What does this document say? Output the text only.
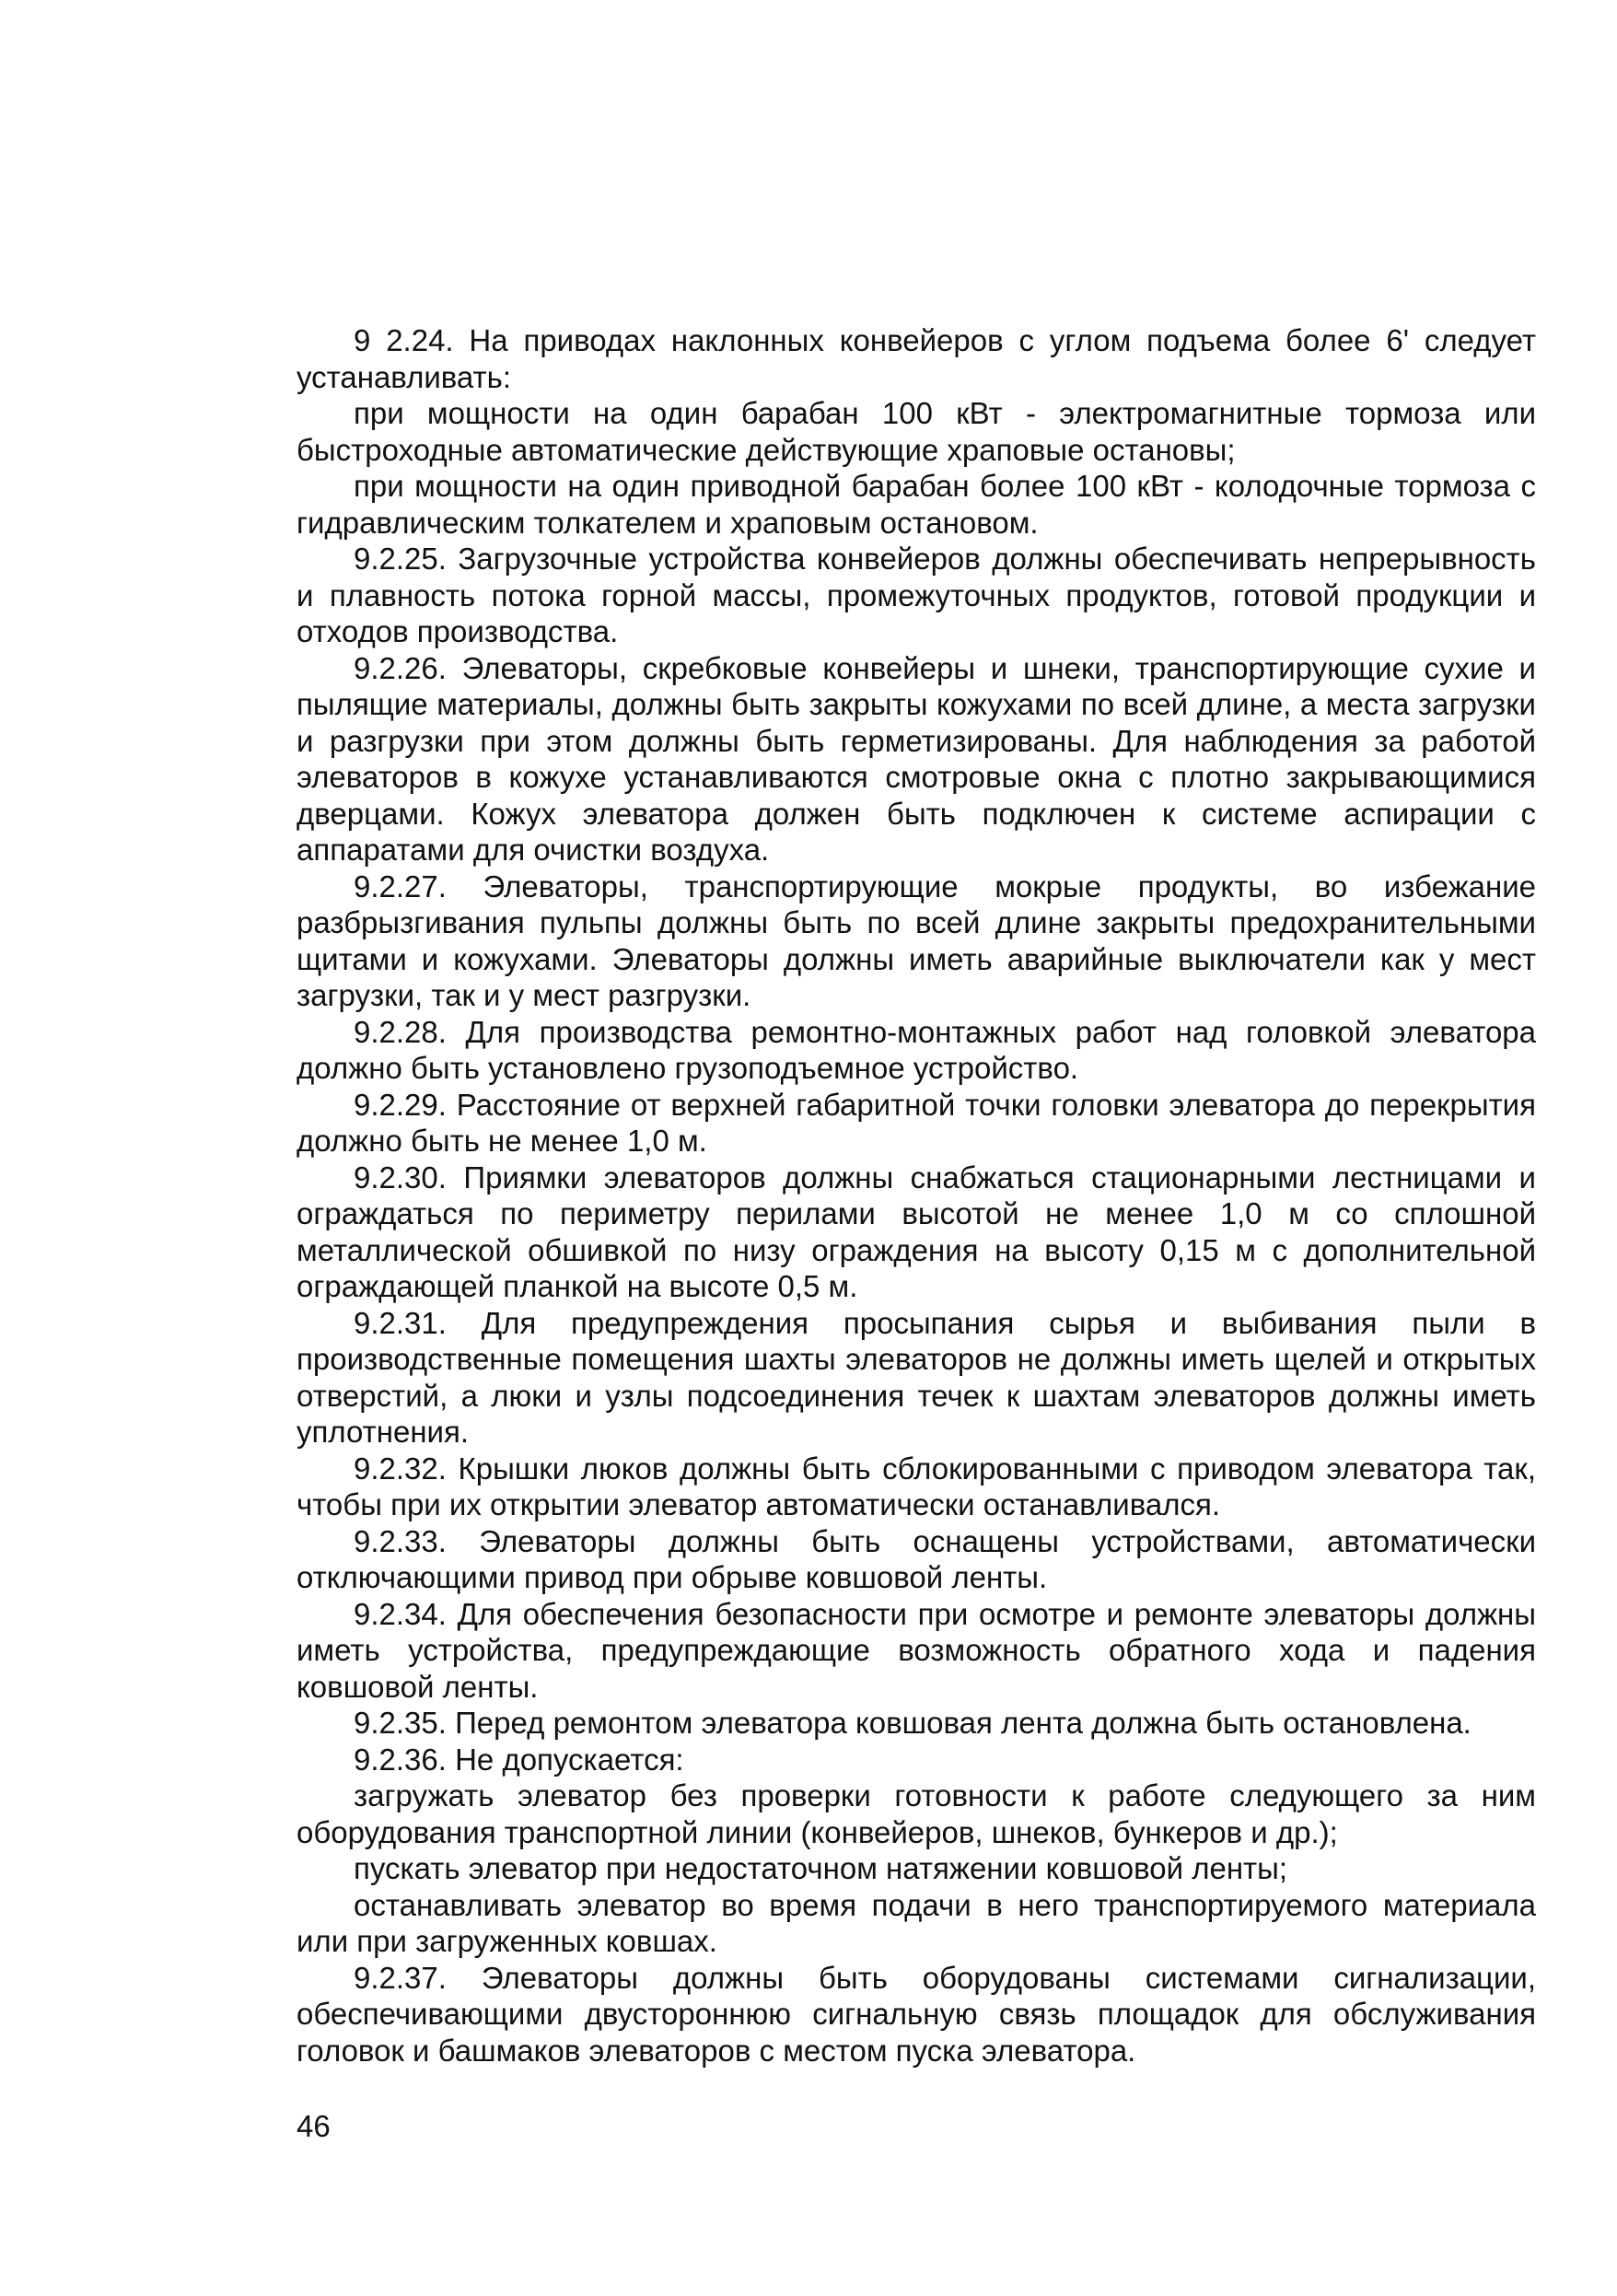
9 2.24. На приводах наклонных конвейеров с углом подъема более 6' следует устанавливать:

при мощности на один барабан 100 кВт - электромагнитные тормоза или быстроходные автоматические действующие храповые остановы;

при мощности на один приводной барабан более 100 кВт - колодочные тормоза с гидравлическим толкателем и храповым остановом.

9.2.25. Загрузочные устройства конвейеров должны обеспечивать непрерывность и плавность потока горной массы, промежуточных продуктов, готовой продукции и отходов производства.

9.2.26. Элеваторы, скребковые конвейеры и шнеки, транспортирующие сухие и пылящие материалы, должны быть закрыты кожухами по всей длине, а места загрузки и разгрузки при этом должны быть герметизированы. Для наблюдения за работой элеваторов в кожухе устанавливаются смотровые окна с плотно закрывающимися дверцами. Кожух элеватора должен быть подключен к системе аспирации с аппаратами для очистки воздуха.

9.2.27. Элеваторы, транспортирующие мокрые продукты, во избежание разбрызгивания пульпы должны быть по всей длине закрыты предохранительными щитами и кожухами. Элеваторы должны иметь аварийные выключатели как у мест загрузки, так и у мест разгрузки.

9.2.28. Для производства ремонтно-монтажных работ над головкой элеватора должно быть установлено грузоподъемное устройство.

9.2.29. Расстояние от верхней габаритной точки головки элеватора до перекрытия должно быть не менее 1,0 м.

9.2.30. Приямки элеваторов должны снабжаться стационарными лестницами и ограждаться по периметру перилами высотой не менее 1,0 м со сплошной металлической обшивкой по низу ограждения на высоту 0,15 м с дополнительной ограждающей планкой на высоте 0,5 м.

9.2.31. Для предупреждения просыпания сырья и выбивания пыли в производственные помещения шахты элеваторов не должны иметь щелей и открытых отверстий, а люки и узлы подсоединения течек к шахтам элеваторов должны иметь уплотнения.

9.2.32. Крышки люков должны быть сблокированными с приводом элеватора так, чтобы при их открытии элеватор автоматически останавливался.

9.2.33. Элеваторы должны быть оснащены устройствами, автоматически отключающими привод при обрыве ковшовой ленты.

9.2.34. Для обеспечения безопасности при осмотре и ремонте элеваторы должны иметь устройства, предупреждающие возможность обратного хода и падения ковшовой ленты.

9.2.35. Перед ремонтом элеватора ковшовая лента должна быть остановлена.

9.2.36. Не допускается:

загружать элеватор без проверки готовности к работе следующего за ним оборудования транспортной линии (конвейеров, шнеков, бункеров и др.);

пускать элеватор при недостаточном натяжении ковшовой ленты;

останавливать элеватор во время подачи в него транспортируемого материала или при загруженных ковшах.

9.2.37. Элеваторы должны быть оборудованы системами сигнализации, обеспечивающими двустороннюю сигнальную связь площадок для обслуживания головок и башмаков элеваторов с местом пуска элеватора.

46
